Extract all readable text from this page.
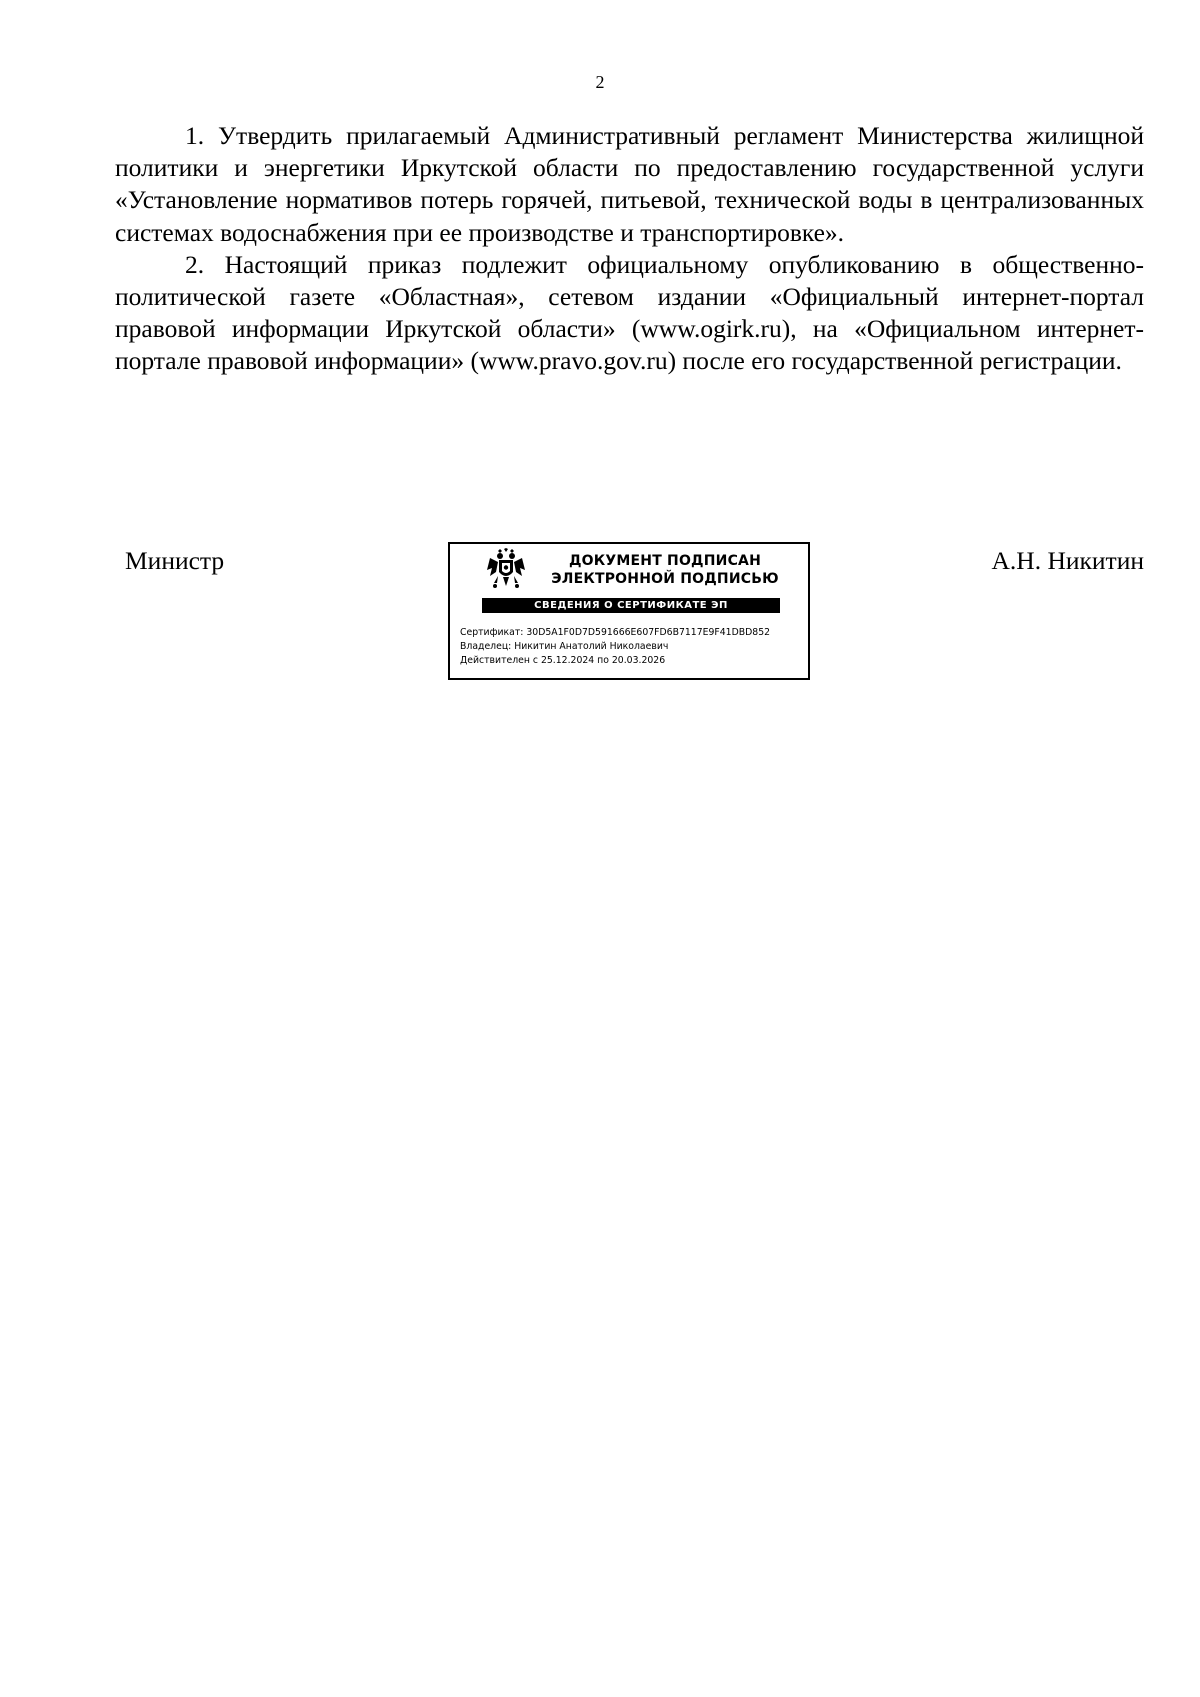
2

1. Утвердить прилагаемый Административный регламент Министерства жилищной политики и энергетики Иркутской области по предоставлению государственной услуги «Установление нормативов потерь горячей, питьевой, технической воды в централизованных системах водоснабжения при ее производстве и транспортировке».

2. Настоящий приказ подлежит официальному опубликованию в общественно-политической газете «Областная», сетевом издании «Официальный интернет-портал правовой информации Иркутской области» (www.ogirk.ru), на «Официальном интернет-портале правовой информации» (www.pravo.gov.ru) после его государственной регистрации.

Министр	ДОКУМЕНТ ПОДПИСАН
ЭЛЕКТРОННОЙ ПОДПИСЬЮ
СВЕДЕНИЯ О СЕРТИФИКАТЕ ЭП
Сертификат: 30D5A1F0D7D591666E607FD6B7117E9F41DBD852
Владелец: Никитин Анатолий Николаевич
Действителен с 25.12.2024 по 20.03.2026
А.Н. Никитин
